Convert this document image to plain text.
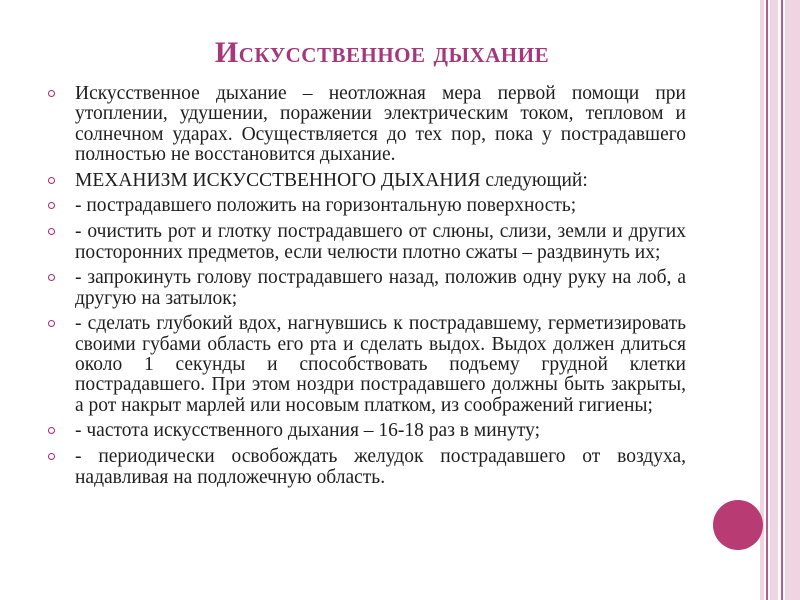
Искусственное дыхание
Искусственное дыхание – неотложная мера первой помощи при утоплении, удушении, поражении электрическим током, тепловом и солнечном ударах. Осуществляется до тех пор, пока у пострадавшего полностью не восстановится дыхание.
МЕХАНИЗМ ИСКУССТВЕННОГО ДЫХАНИЯ следующий:
- пострадавшего положить на горизонтальную поверхность;
- очистить рот и глотку пострадавшего от слюны, слизи, земли и других посторонних предметов, если челюсти плотно сжаты – раздвинуть их;
- запрокинуть голову пострадавшего назад, положив одну руку на лоб, а другую на затылок;
- сделать глубокий вдох, нагнувшись к пострадавшему, герметизировать своими губами область его рта и сделать выдох. Выдох должен длиться около 1 секунды и способствовать подъему грудной клетки пострадавшего. При этом ноздри пострадавшего должны быть закрыты, а рот накрыт марлей или носовым платком, из соображений гигиены;
- частота искусственного дыхания – 16-18 раз в минуту;
- периодически освобождать желудок пострадавшего от воздуха, надавливая на подложечную область.
